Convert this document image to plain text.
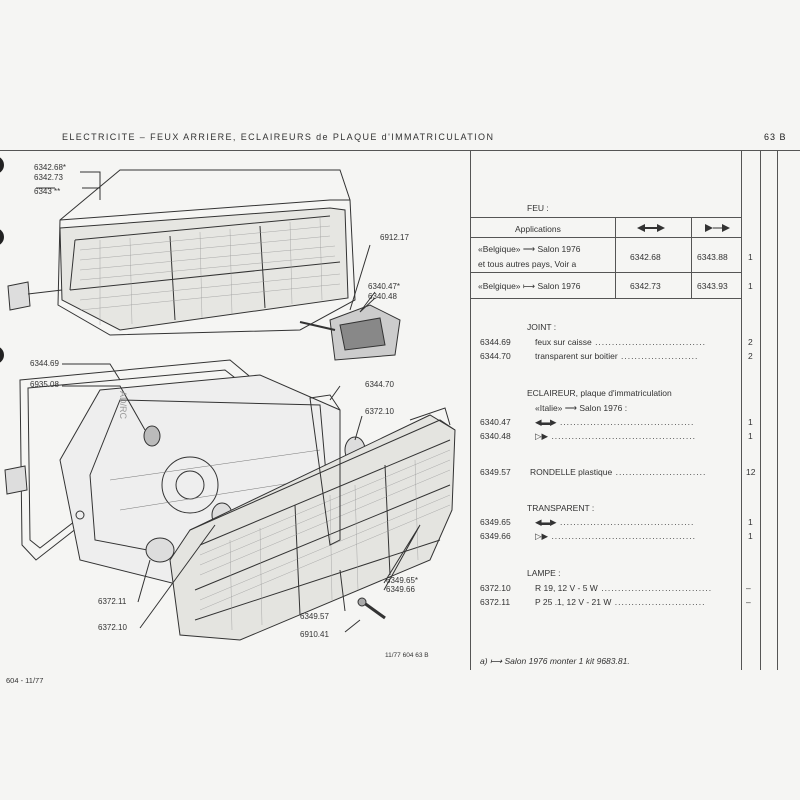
ELECTRICITE – FEUX ARRIERE, ECLAIREURS de PLAQUE d'IMMATRICULATION	63 B
6342.68*
6342.73
6343 **
6912.17
6340.47*
6340.48
6344.69
6935.08	6344.70
6372.10
6349.65*
6349.66
6349.57
6372.11
6372.10
6910.41
AD/RC
11/77 604 63 B
604 - 11/77
FEU :
Applications
«Belgique» ⟶ Salon 1976
et tous autres pays, Voir a
6342.68	6343.88 1
«Belgique» ⟼ Salon 1976	6342.73	6343.93 1
JOINT :
6344.69	feux sur caisse .................................	2
6344.70	transparent sur boitier .......................	2
ECLAIREUR, plaque d'immatriculation
«Italie» ⟶ Salon 1976 :
6340.47	◀▬▶ ........................................	1
6340.48	▷▶ ...........................................	1
6349.57 RONDELLE plastique ...........................	12
TRANSPARENT :
6349.65	◀▬▶ ........................................	1
6349.66	▷▶ ...........................................	1
LAMPE :
6372.10	R 19, 12 V - 5 W .................................	–
6372.11	P 25 .1, 12 V - 21 W ...........................	–
a) ⟼ Salon 1976 monter 1 kit 9683.81.
